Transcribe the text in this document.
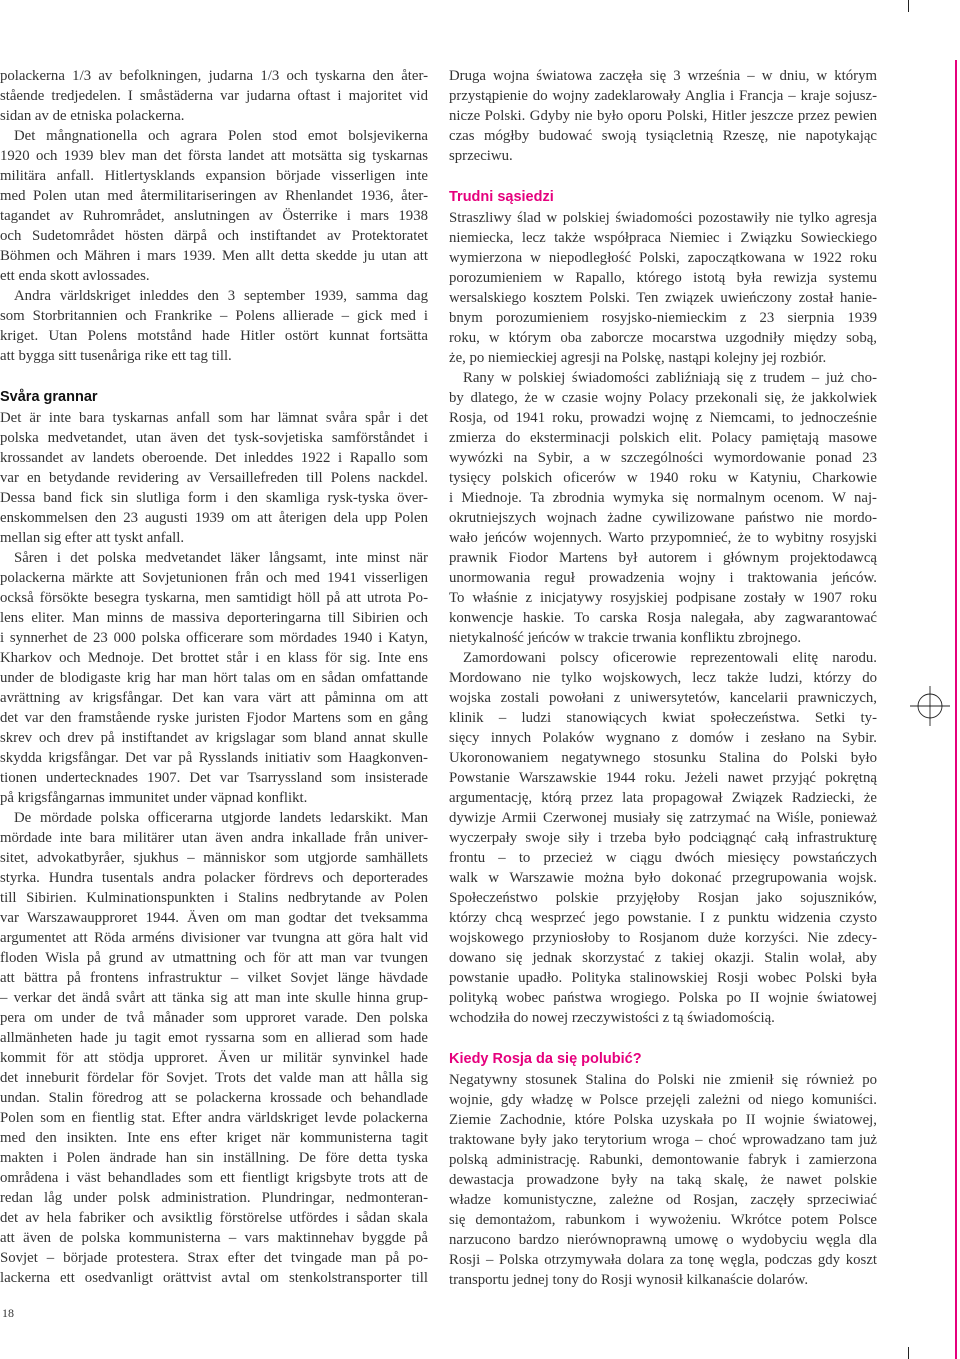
polackerna 1/3 av befolkningen, judarna 1/3 och tyskarna den åter-
stående tredjedelen. I småstäderna var judarna oftast i majoritet vid
sidan av de etniska polackerna.
Det mångnationella och agrara Polen stod emot bolsjevikerna
1920 och 1939 blev man det första landet att motsätta sig tyskarnas
militära anfall. Hitlertysklands expansion började visserligen inte
med Polen utan med återmilitariseringen av Rhenlandet 1936, åter-
tagandet av Ruhrområdet, anslutningen av Österrike i mars 1938
och Sudetområdet hösten därpå och instiftandet av Protektoratet
Böhmen och Mähren i mars 1939. Men allt detta skedde ju utan att
ett enda skott avlossades.
Andra världskriget inleddes den 3 september 1939, samma dag
som Storbritannien och Frankrike – Polens allierade – gick med i
kriget. Utan Polens motstånd hade Hitler ostört kunnat fortsätta
att bygga sitt tusenåriga rike ett tag till.
Svåra grannar
Det är inte bara tyskarnas anfall som har lämnat svåra spår i det
polska medvetandet, utan även det tysk-sovjetiska samförståndet i
krossandet av landets oberoende. Det inleddes 1922 i Rapallo som
var en betydande revidering av Versaillefreden till Polens nackdel.
Dessa band fick sin slutliga form i den skamliga rysk-tyska över-
enskommelsen den 23 augusti 1939 om att återigen dela upp Polen
mellan sig efter att tyskt anfall.
Såren i det polska medvetandet läker långsamt, inte minst när
polackerna märkte att Sovjetunionen från och med 1941 visserligen
också försökte besegra tyskarna, men samtidigt höll på att utrota Po-
lens eliter. Man minns de massiva deporteringarna till Sibirien och
i synnerhet de 23 000 polska officerare som mördades 1940 i Katyn,
Kharkov och Mednoje. Det brottet står i en klass för sig. Inte ens
under de blodigaste krig har man hört talas om en sådan omfattande
avrättning av krigsfångar. Det kan vara värt att påminna om att
det var den framstående ryske juristen Fjodor Martens som en gång
skrev och drev på instiftandet av krigslagar som bland annat skulle
skydda krigsfångar. Det var på Rysslands initiativ som Haagkonven-
tionen undertecknades 1907. Det var Tsarryssland som insisterade
på krigsfångarnas immunitet under väpnad konflikt.
De mördade polska officerarna utgjorde landets ledarskikt. Man
mördade inte bara militärer utan även andra inkallade från univer-
sitet, advokatbyråer, sjukhus – människor som utgjorde samhällets
styrka. Hundra tusentals andra polacker fördrevs och deporterades
till Sibirien. Kulminationspunkten i Stalins nedbrytande av Polen
var Warszawaupproret 1944. Även om man godtar det tveksamma
argumentet att Röda arméns divisioner var tvungna att göra halt vid
floden Wisla på grund av utmattning och för att man var tvungen
att bättra på frontens infrastruktur – vilket Sovjet länge hävdade
– verkar det ändå svårt att tänka sig att man inte skulle hinna grup-
pera om under de två månader som upproret varade. Den polska
allmänheten hade ju tagit emot ryssarna som en allierad som hade
kommit för att stödja upproret. Även ur militär synvinkel hade
det inneburit fördelar för Sovjet. Trots det valde man att hålla sig
undan. Stalin föredrog att se polackerna krossade och behandlade
Polen som en fientlig stat. Efter andra världskriget levde polackerna
med den insikten. Inte ens efter kriget när kommunisterna tagit
makten i Polen ändrade han sin inställning. De före detta tyska
områdena i väst behandlades som ett fientligt krigsbyte trots att de
redan låg under polsk administration. Plundringar, nedmonteran-
det av hela fabriker och avsiktlig förstörelse utfördes i sådan skala
att även de polska kommunisterna – vars maktinnehav byggde på
Sovjet – började protestera. Strax efter det tvingade man på po-
lackerna ett osedvanligt orättvist avtal om stenkolstransporter till
Druga wojna światowa zaczęła się 3 września – w dniu, w którym
przystąpienie do wojny zadeklarowały Anglia i Francja – kraje sojusz-
nicze Polski. Gdyby nie było oporu Polski, Hitler jeszcze przez pewien
czas mógłby budować swoją tysiącletnią Rzeszę, nie napotykając
sprzeciwu.
Trudni sąsiedzi
Straszliwy ślad w polskiej świadomości pozostawiły nie tylko agresja
niemiecka, lecz także współpraca Niemiec i Związku Sowieckiego
wymierzona w niepodległość Polski, zapoczątkowana w 1922 roku
porozumieniem w Rapallo, którego istotą była rewizja systemu
wersalskiego kosztem Polski. Ten związek uwieńczony został hanie-
bnym porozumieniem rosyjsko-niemieckim z 23 sierpnia 1939
roku, w którym oba zaborcze mocarstwa uzgodniły między sobą,
że, po niemieckiej agresji na Polskę, nastąpi kolejny jej rozbiór.
Rany w polskiej świadomości zabliźniają się z trudem – już cho-
by dlatego, że w czasie wojny Polacy przekonali się, że jakkolwiek
Rosja, od 1941 roku, prowadzi wojnę z Niemcami, to jednocześnie
zmierza do eksterminacji polskich elit. Polacy pamiętają masowe
wywózki na Sybir, a w szczególności wymordowanie ponad 23
tysięcy polskich oficerów w 1940 roku w Katyniu, Charkowie
i Miednoje. Ta zbrodnia wymyka się normalnym ocenom. W naj-
okrutniejszych wojnach żadne cywilizowane państwo nie mordo-
wało jeńców wojennych. Warto przypomnieć, że to wybitny rosyjski
prawnik Fiodor Martens był autorem i głównym projektodawcą
unormowania reguł prowadzenia wojny i traktowania jeńców.
To właśnie z inicjatywy rosyjskiej podpisane zostały w 1907 roku
konwencje haskie. To carska Rosja nalegała, aby zagwarantować
nietykalność jeńców w trakcie trwania konfliktu zbrojnego.
Zamordowani polscy oficerowie reprezentowali elitę narodu.
Mordowano nie tylko wojskowych, lecz także ludzi, którzy do
wojska zostali powołani z uniwersytetów, kancelarii prawniczych,
klinik – ludzi stanowiących kwiat społeczeństwa. Setki ty-
sięcy innych Polaków wygnano z domów i zesłano na Sybir.
Ukoronowaniem negatywnego stosunku Stalina do Polski było
Powstanie Warszawskie 1944 roku. Jeżeli nawet przyjąć pokrętną
argumentację, którą przez lata propagował Związek Radziecki, że
dywizje Armii Czerwonej musiały się zatrzymać na Wiśle, ponieważ
wyczerpały swoje siły i trzeba było podciągnąć całą infrastrukturę
frontu – to przecież w ciągu dwóch miesięcy powstańczych
walk w Warszawie można było dokonać przegrupowania wojsk.
Społeczeństwo polskie przyjęłoby Rosjan jako sojuszników,
którzy chcą wesprzeć jego powstanie. I z punktu widzenia czysto
wojskowego przyniosłoby to Rosjanom duże korzyści. Nie zdecy-
dowano się jednak skorzystać z takiej okazji. Stalin wolał, aby
powstanie upadło. Polityka stalinowskiej Rosji wobec Polski była
polityką wobec państwa wrogiego. Polska po II wojnie światowej
wchodziła do nowej rzeczywistości z tą świadomością.
Kiedy Rosja da się polubić?
Negatywny stosunek Stalina do Polski nie zmienił się również po
wojnie, gdy władzę w Polsce przejęli zależni od niego komuniści.
Ziemie Zachodnie, które Polska uzyskała po II wojnie światowej,
traktowane były jako terytorium wroga – choć wprowadzano tam już
polską administrację. Rabunki, demontowanie fabryk i zamierzona
dewastacja prowadzone były na taką skalę, że nawet polskie
władze komunistyczne, zależne od Rosjan, zaczęły sprzeciwiać
się demontażom, rabunkom i wywożeniu. Wkrótce potem Polsce
narzucono bardzo nierównoprawną umowę o wydobyciu węgla dla
Rosji – Polska otrzymywała dolara za tonę węgla, podczas gdy koszt
transportu jednej tony do Rosji wynosił kilkanaście dolarów.
18
